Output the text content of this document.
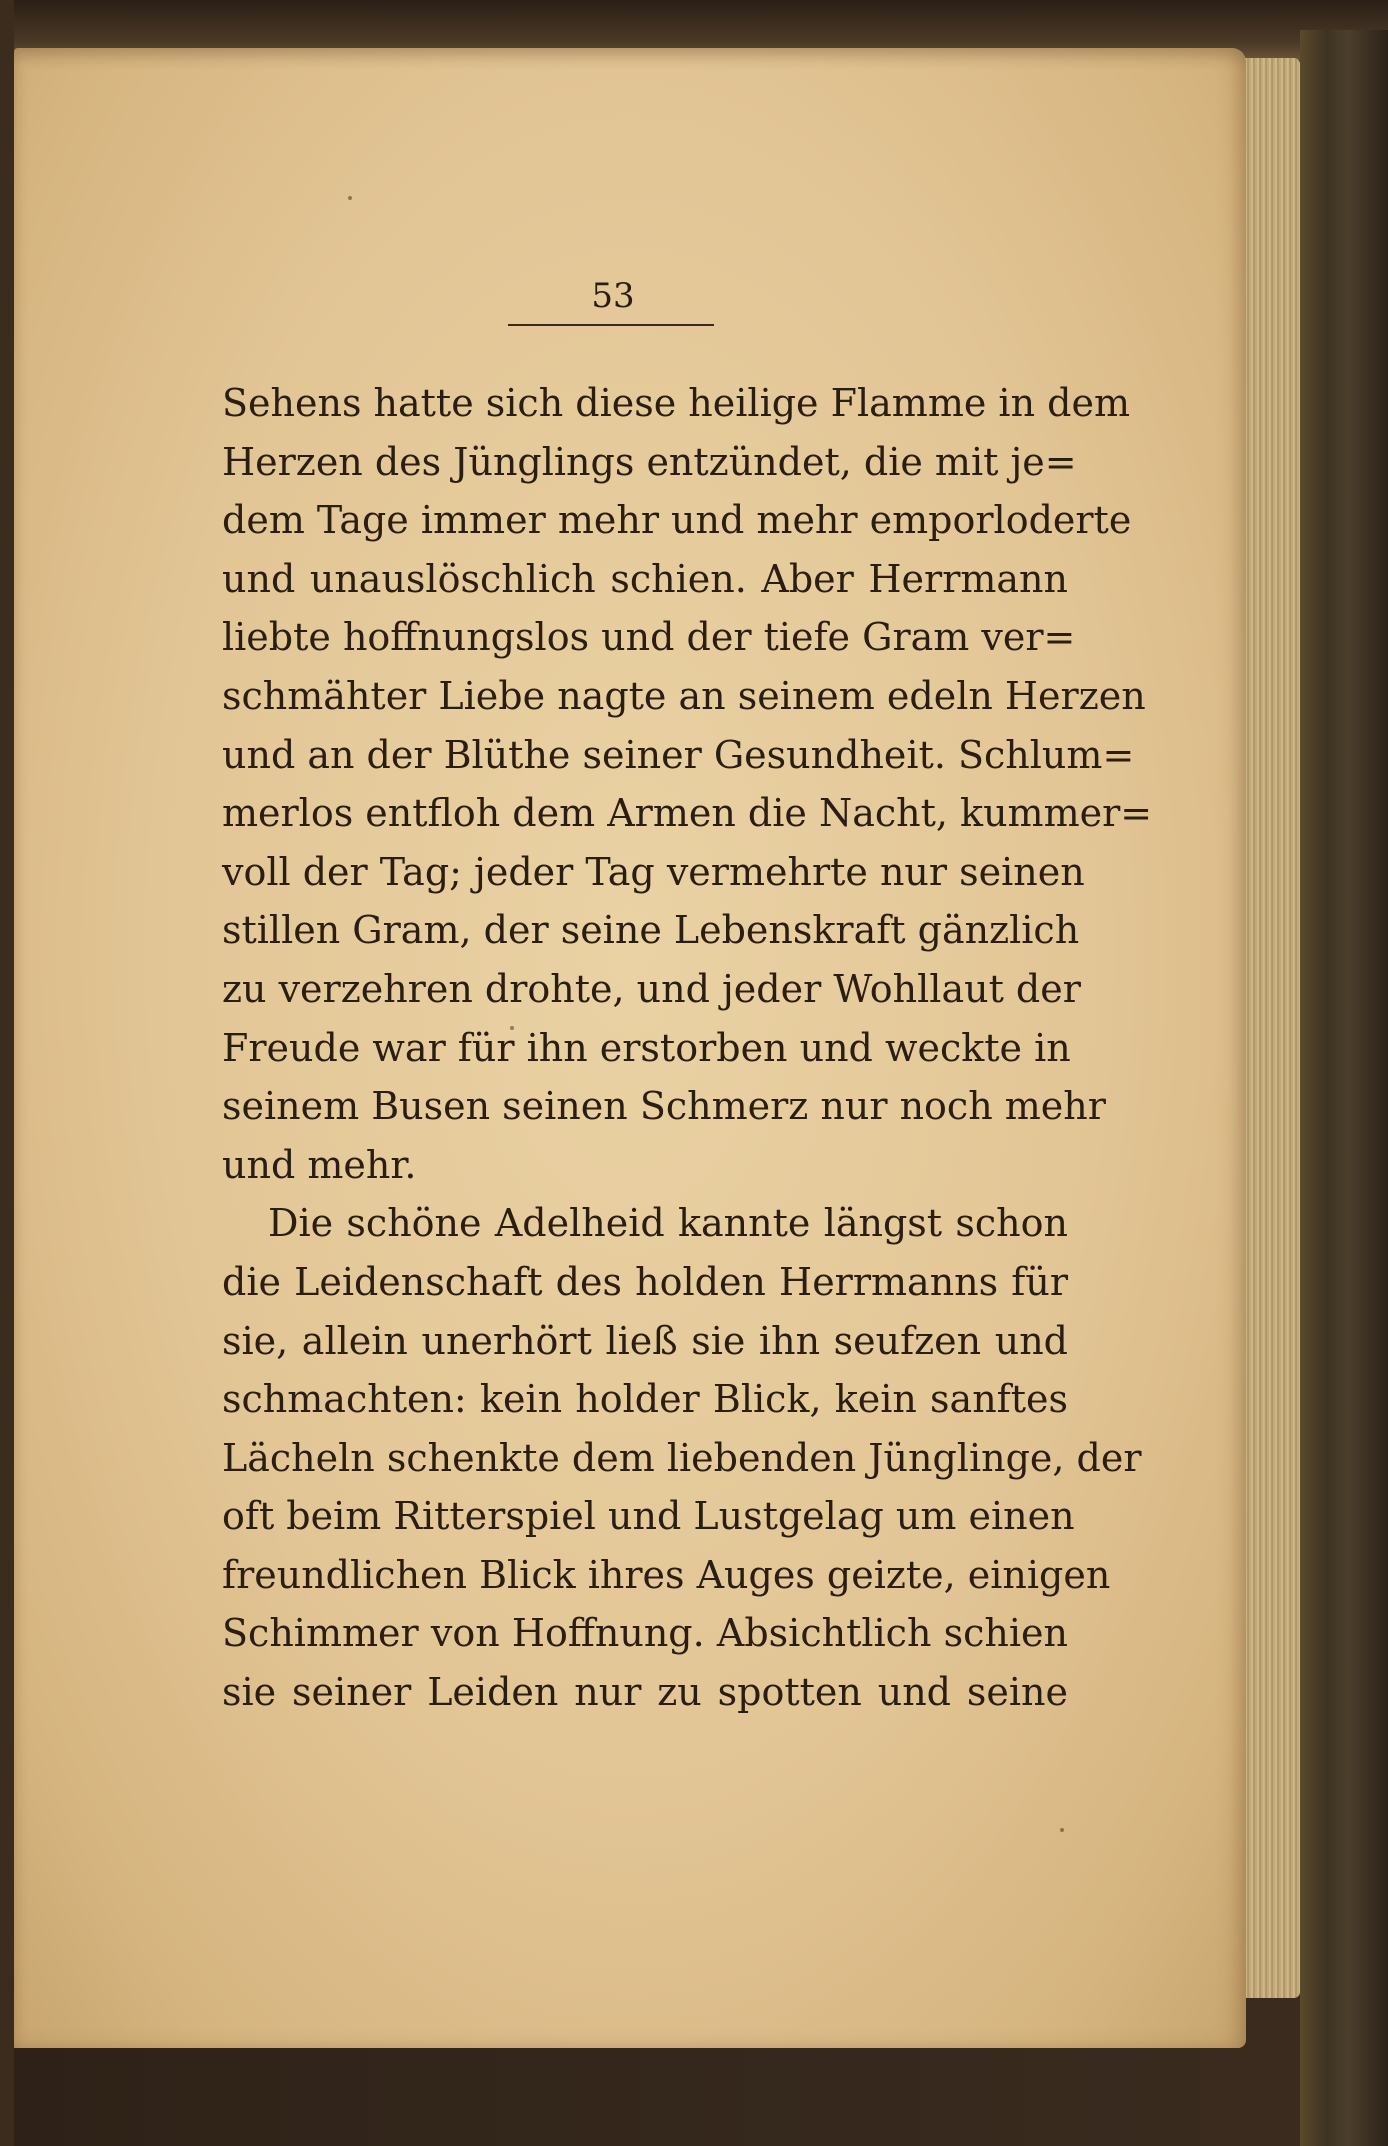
53
Sehens hatte sich diese heilige Flamme in dem
Herzen des Jünglings entzündet, die mit je=
dem Tage immer mehr und mehr emporloderte
und unauslöschlich schien. Aber Herrmann
liebte hoffnungslos und der tiefe Gram ver=
schmähter Liebe nagte an seinem edeln Herzen
und an der Blüthe seiner Gesundheit. Schlum=
merlos entfloh dem Armen die Nacht, kummer=
voll der Tag; jeder Tag vermehrte nur seinen
stillen Gram, der seine Lebenskraft gänzlich
zu verzehren drohte, und jeder Wohllaut der
Freude war für ihn erstorben und weckte in
seinem Busen seinen Schmerz nur noch mehr
und mehr.
Die schöne Adelheid kannte längst schon
die Leidenschaft des holden Herrmanns für
sie, allein unerhört ließ sie ihn seufzen und
schmachten: kein holder Blick, kein sanftes
Lächeln schenkte dem liebenden Jünglinge, der
oft beim Ritterspiel und Lustgelag um einen
freundlichen Blick ihres Auges geizte, einigen
Schimmer von Hoffnung. Absichtlich schien
sie seiner Leiden nur zu spotten und seine
